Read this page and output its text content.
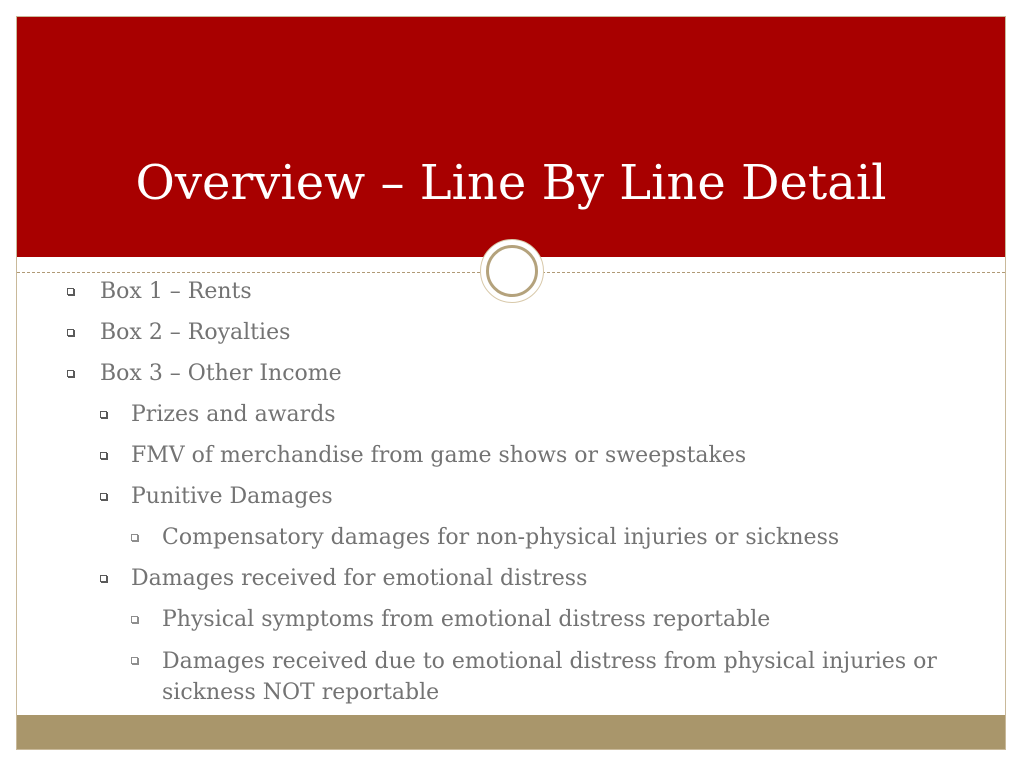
Overview – Line By Line Detail
Box 1 – Rents
Box 2 – Royalties
Box 3 – Other Income
Prizes and awards
FMV of merchandise from game shows or sweepstakes
Punitive Damages
Compensatory damages for non-physical injuries or sickness
Damages received for emotional distress
Physical symptoms from emotional distress reportable
Damages received due to emotional distress from physical injuries or sickness NOT reportable
